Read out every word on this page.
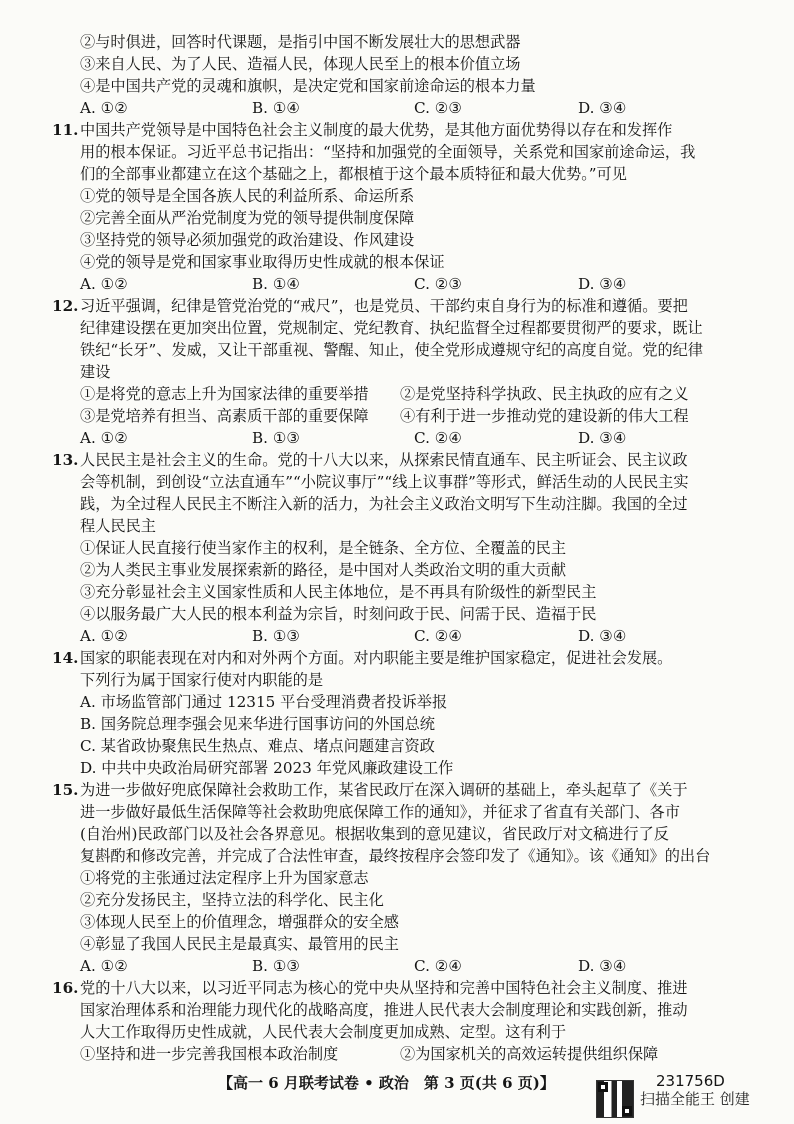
②与时俱进，回答时代课题，是指引中国不断发展壮大的思想武器
③来自人民、为了人民、造福人民，体现人民至上的根本价值立场
④是中国共产党的灵魂和旗帜，是决定党和国家前途命运的根本力量
A. ①②	B. ①④	C. ②③	D. ③④
11. 中国共产党领导是中国特色社会主义制度的最大优势，是其他方面优势得以存在和发挥作
用的根本保证。习近平总书记指出：“坚持和加强党的全面领导，关系党和国家前途命运，我
们的全部事业都建立在这个基础之上，都根植于这个最本质特征和最大优势。”可见
①党的领导是全国各族人民的利益所系、命运所系
②完善全面从严治党制度为党的领导提供制度保障
③坚持党的领导必须加强党的政治建设、作风建设
④党的领导是党和国家事业取得历史性成就的根本保证
A. ①②	B. ①④	C. ②③	D. ③④
12. 习近平强调，纪律是管党治党的“戒尺”，也是党员、干部约束自身行为的标准和遵循。要把
纪律建设摆在更加突出位置，党规制定、党纪教育、执纪监督全过程都要贯彻严的要求，既让
铁纪“长牙”、发威，又让干部重视、警醒、知止，使全党形成遵规守纪的高度自觉。党的纪律
建设
①是将党的意志上升为国家法律的重要举措 ②是党坚持科学执政、民主执政的应有之义
③是党培养有担当、高素质干部的重要保障 ④有利于进一步推动党的建设新的伟大工程
A. ①②	B. ①③	C. ②④	D. ③④
13. 人民民主是社会主义的生命。党的十八大以来，从探索民情直通车、民主听证会、民主议政
会等机制，到创设“立法直通车”“小院议事厅”“线上议事群”等形式，鲜活生动的人民民主实
践，为全过程人民民主不断注入新的活力，为社会主义政治文明写下生动注脚。我国的全过
程人民民主
①保证人民直接行使当家作主的权利，是全链条、全方位、全覆盖的民主
②为人类民主事业发展探索新的路径，是中国对人类政治文明的重大贡献
③充分彰显社会主义国家性质和人民主体地位，是不再具有阶级性的新型民主
④以服务最广大人民的根本利益为宗旨，时刻问政于民、问需于民、造福于民
A. ①②	B. ①③	C. ②④	D. ③④
14. 国家的职能表现在对内和对外两个方面。对内职能主要是维护国家稳定，促进社会发展。
下列行为属于国家行使对内职能的是
A. 市场监管部门通过 12315 平台受理消费者投诉举报
B. 国务院总理李强会见来华进行国事访问的外国总统
C. 某省政协聚焦民生热点、难点、堵点问题建言资政
D. 中共中央政治局研究部署 2023 年党风廉政建设工作
15. 为进一步做好兜底保障社会救助工作，某省民政厅在深入调研的基础上，牵头起草了《关于
进一步做好最低生活保障等社会救助兜底保障工作的通知》，并征求了省直有关部门、各市
(自治州)民政部门以及社会各界意见。根据收集到的意见建议，省民政厅对文稿进行了反
复斟酌和修改完善，并完成了合法性审查，最终按程序会签印发了《通知》。该《通知》的出台
①将党的主张通过法定程序上升为国家意志
②充分发扬民主，坚持立法的科学化、民主化
③体现人民至上的价值理念，增强群众的安全感
④彰显了我国人民民主是最真实、最管用的民主
A. ①②	B. ①③	C. ②④	D. ③④
16. 党的十八大以来，以习近平同志为核心的党中央从坚持和完善中国特色社会主义制度、推进
国家治理体系和治理能力现代化的战略高度，推进人民代表大会制度理论和实践创新，推动
人大工作取得历史性成就，人民代表大会制度更加成熟、定型。这有利于
①坚持和进一步完善我国根本政治制度	②为国家机关的高效运转提供组织保障
【高一 6 月联考试卷 • 政治　第 3 页(共 6 页)】	231756D
扫描全能王 创建
